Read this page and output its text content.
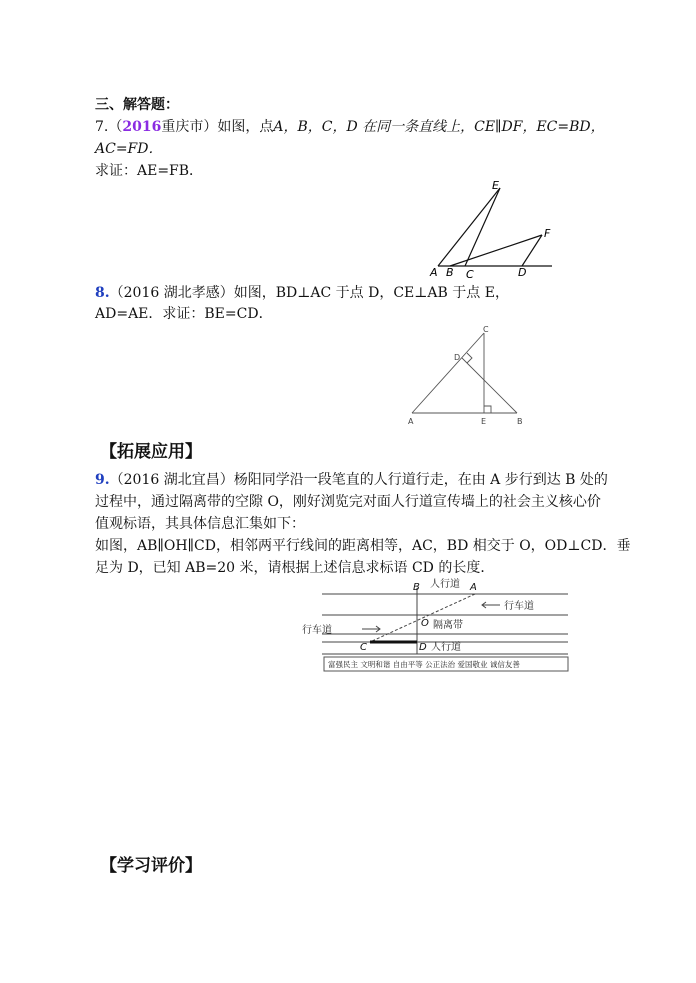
三、解答题：
7.（2016重庆市）如图，点A，B，C，D 在同一条直线上，CE∥DF，EC=BD，
AC=FD．
求证：AE=FB．
E
F
A B C	D
8.（2016 湖北孝感）如图，BD⊥AC 于点 D，CE⊥AB 于点 E，
AD=AE．求证：BE=CD．
C
D
A	E	B
【拓展应用】
9.（2016 湖北宜昌）杨阳同学沿一段笔直的人行道行走，在由 A 步行到达 B 处的
过程中，通过隔离带的空隙 O，刚好浏览完对面人行道宣传墙上的社会主义核心价
值观标语，其具体信息汇集如下：
如图，AB∥OH∥CD，相邻两平行线间的距离相等，AC，BD 相交于 O，OD⊥CD．垂
足为 D，已知 AB=20 米，请根据上述信息求标语 CD 的长度．
人行道
行车道
隔离带
行车道
人行道
B	A
O
C	D
富强民主 文明和谐 自由平等 公正法治 爱国敬业 诚信友善
【学习评价】
